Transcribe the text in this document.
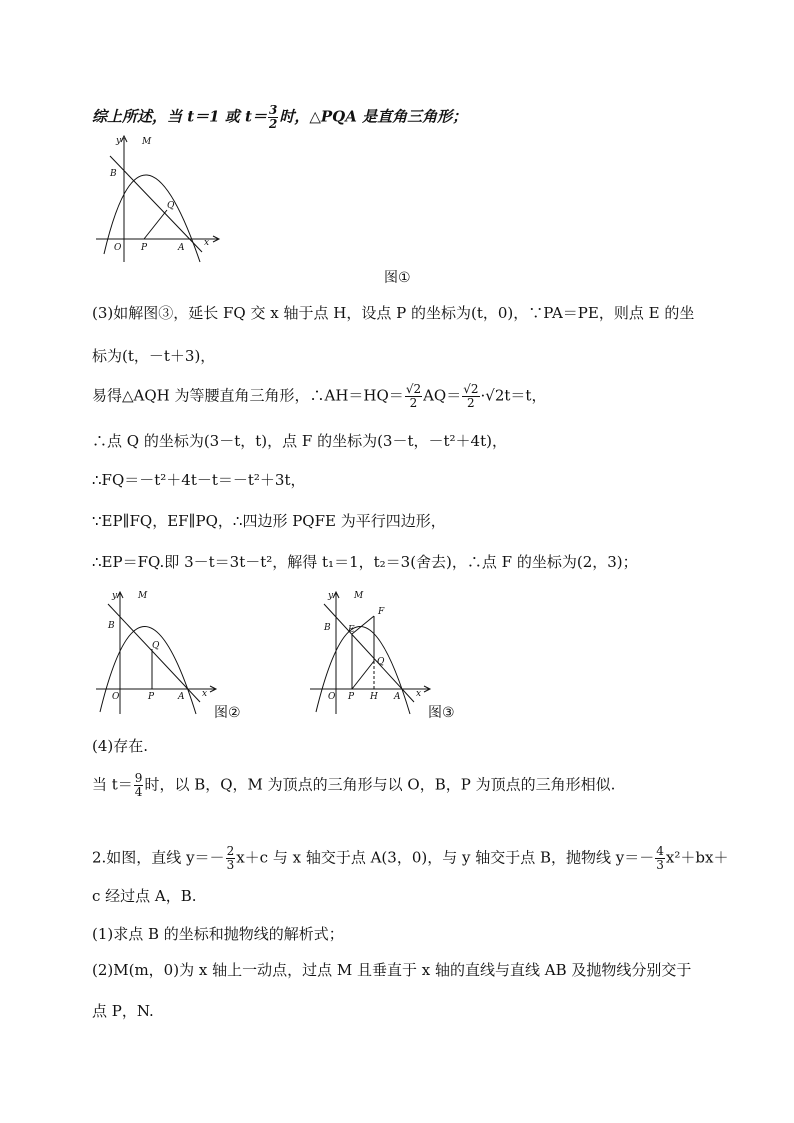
综上所述，当 t＝1 或 $t= \frac{3}{2}$ 时，△PQA 是直角三角形；
y M
B
O P	A
Q
x
图①
(3)如解图③，延长 FQ 交 x 轴于点 H，设点 P 的坐标为(t，0)，∵PA＝PE，则点 E 的坐
标为(t，－t＋3)，
易得△AQH 为等腰直角三角形，∴AH＝HQ＝ $\frac{√2}{2} AQ= \frac{√2}{2} \cdot√2t=t$，
∴点 Q 的坐标为(3－t，t)，点 F 的坐标为(3－t，－t²＋4t)，
∴FQ＝－t²＋4t－t＝－t²＋3t，
∵EP∥FQ，EF∥PQ，∴四边形 PQFE 为平行四边形，
∴EP＝FQ.即 3－t＝3t－t²，解得 t₁＝1，t₂＝3(舍去)，∴点 F 的坐标为(2，3)；
y M
B
O	P	A
Q
x
图②
y M
B E
F
Q
O P H A x
图③
(4)存在.
当 $t= \frac{9}{4}$ 时，以 B，Q，M 为顶点的三角形与以 O，B，P 为顶点的三角形相似.
2.如图，直线 $y=- \frac{2}{3} x+c$ 与 x 轴交于点 A(3，0)，与 y 轴交于点 B，抛物线 $y=- \frac{4}{3} x^2+bx+$
c 经过点 A，B.
(1)求点 B 的坐标和抛物线的解析式；
(2)M(m，0)为 x 轴上一动点，过点 M 且垂直于 x 轴的直线与直线 AB 及抛物线分别交于
点 P，N.
